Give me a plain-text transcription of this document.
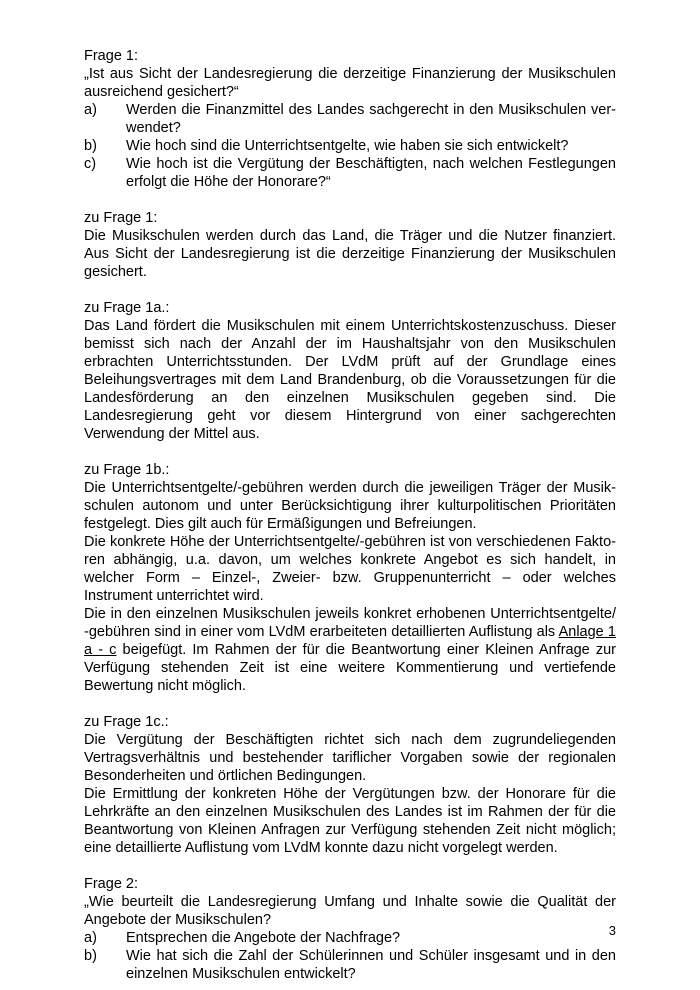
Frage 1:

„Ist aus Sicht der Landesregierung die derzeitige Finanzierung der Musikschulen ausreichend gesichert?“

a)	Werden die Finanzmittel des Landes sachgerecht in den Musikschulen verwendet?
b)	Wie hoch sind die Unterrichtsentgelte, wie haben sie sich entwickelt?
c)	Wie hoch ist die Vergütung der Beschäftigten, nach welchen Festlegungen erfolgt die Höhe der Honorare?“

zu Frage 1:

Die Musikschulen werden durch das Land, die Träger und die Nutzer finanziert. Aus Sicht der Landesregierung ist die derzeitige Finanzierung der Musikschulen gesichert.

zu Frage 1a.:

Das Land fördert die Musikschulen mit einem Unterrichtskostenzuschuss. Dieser bemisst sich nach der Anzahl der im Haushaltsjahr von den Musikschulen erbrachten Unterrichtsstunden. Der LVdM prüft auf der Grundlage eines Beleihungsvertrages mit dem Land Brandenburg, ob die Voraussetzungen für die Landesförderung an den einzelnen Musikschulen gegeben sind. Die Landesregierung geht vor diesem Hintergrund von einer sachgerechten Verwendung der Mittel aus.

zu Frage 1b.:

Die Unterrichtsentgelte/-gebühren werden durch die jeweiligen Träger der Musikschulen autonom und unter Berücksichtigung ihrer kulturpolitischen Prioritäten festgelegt. Dies gilt auch für Ermäßigungen und Befreiungen.

Die konkrete Höhe der Unterrichtsentgelte/-gebühren ist von verschiedenen Faktoren abhängig, u.a. davon, um welches konkrete Angebot es sich handelt, in welcher Form – Einzel-, Zweier- bzw. Gruppenunterricht – oder welches Instrument unterrichtet wird.

Die in den einzelnen Musikschulen jeweils konkret erhobenen Unterrichtsentgelte/ -gebühren sind in einer vom LVdM erarbeiteten detaillierten Auflistung als Anlage 1 a - c beigefügt. Im Rahmen der für die Beantwortung einer Kleinen Anfrage zur Verfügung stehenden Zeit ist eine weitere Kommentierung und vertiefende Bewertung nicht möglich.

zu Frage 1c.:

Die Vergütung der Beschäftigten richtet sich nach dem zugrundeliegenden Vertragsverhältnis und bestehender tariflicher Vorgaben sowie der regionalen Besonderheiten und örtlichen Bedingungen.

Die Ermittlung der konkreten Höhe der Vergütungen bzw. der Honorare für die Lehrkräfte an den einzelnen Musikschulen des Landes ist im Rahmen der für die Beantwortung von Kleinen Anfragen zur Verfügung stehenden Zeit nicht möglich; eine detaillierte Auflistung vom LVdM konnte dazu nicht vorgelegt werden.

Frage 2:

„Wie beurteilt die Landesregierung Umfang und Inhalte sowie die Qualität der Angebote der Musikschulen?

a)	Entsprechen die Angebote der Nachfrage?
b)	Wie hat sich die Zahl der Schülerinnen und Schüler insgesamt und in den einzelnen Musikschulen entwickelt?
3
